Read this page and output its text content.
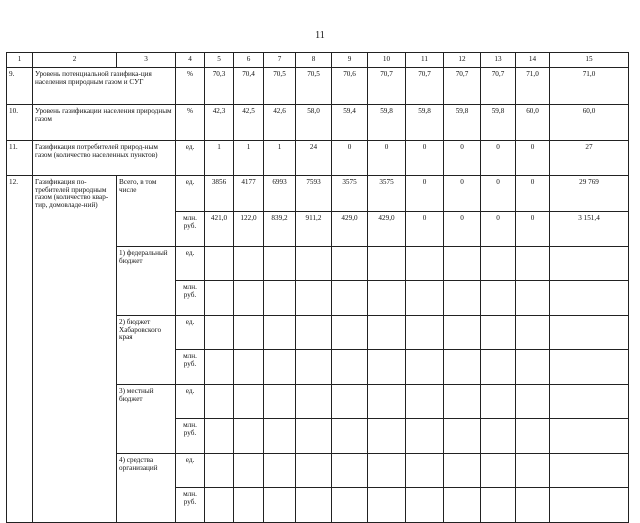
11
1	2	3	4	5	6	7	8	9	10	11	12	13	14	15
9.	Уровень потенциальной газифика-ция населения природным газом и СУГ		%	70,3	70,4	70,5	70,5	70,6	70,7	70,7	70,7	70,7	71,0	71,0
10.	Уровень газификации населения природным газом		%	42,3	42,5	42,6	58,0	59,4	59,8	59,8	59,8	59,8	60,0	60,0
11.	Газификация потребителей природ-ным газом (количество населенных пунктов)		ед.	1	1	1	24	0	0	0	0	0	0	27
12.	Газификация по-требителей природным газом (количество квар-тир, домовладе-ний)	Всего, в том числе	ед.	3856	4177	6993	7593	3575	3575	0	0	0	0	29 769
			млн. руб.	421,0	122,0	839,2	911,2	429,0	429,0	0	0	0	0	3 151,4
		1) федеральный бюджет	ед.											
			млн. руб.											
		2) бюджет Хабаровского края	ед.											
			млн. руб.											
		3) местный бюджет	ед.											
			млн. руб.											
		4) средства организаций	ед.											
			млн. руб.											
